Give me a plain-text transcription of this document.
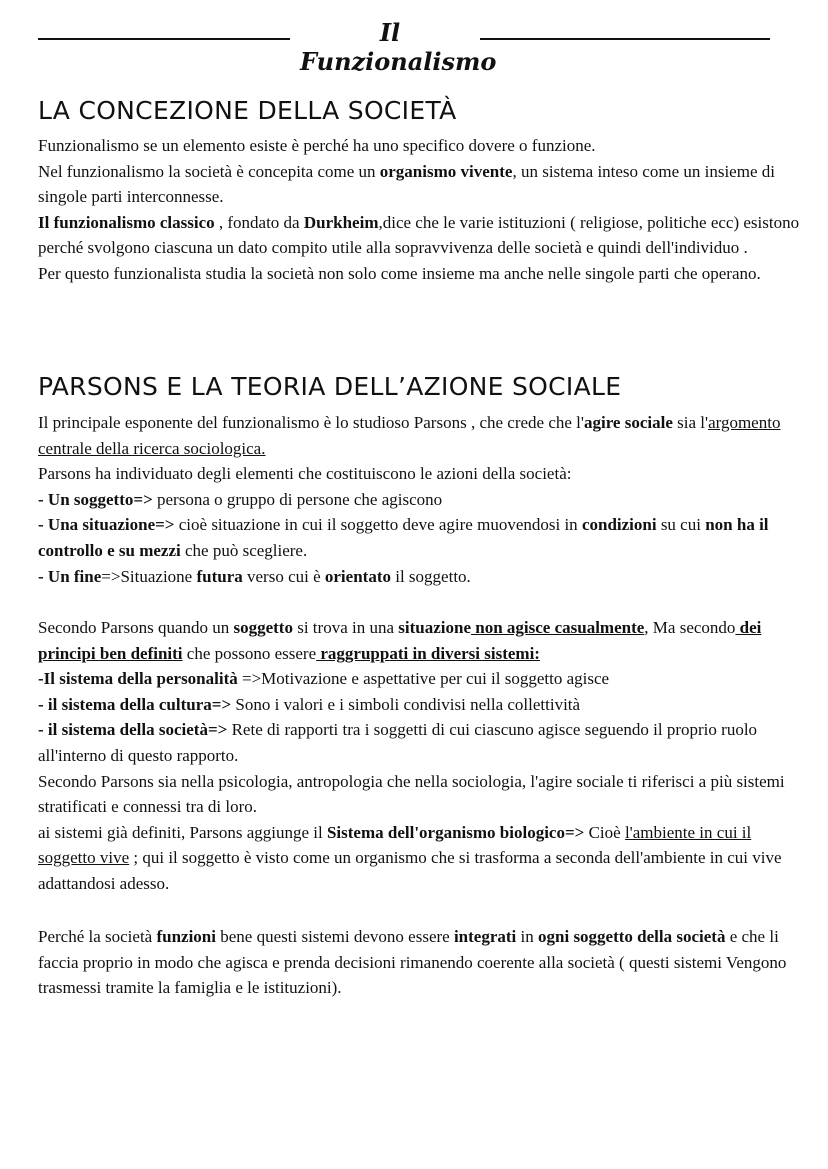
Il Funzionalismo
LA CONCEZIONE DELLA SOCIETÀ
Funzionalismo se un elemento esiste è perché ha uno specifico dovere o funzione.
Nel funzionalismo la società è concepita come un organismo vivente, un sistema inteso come un insieme di singole parti interconnesse.
Il funzionalismo classico , fondato da Durkheim,dice che le varie istituzioni ( religiose, politiche ecc) esistono perché svolgono ciascuna un dato compito utile alla sopravvivenza delle società e quindi dell'individuo .
Per questo funzionalista studia la società non solo come insieme ma anche nelle singole parti che operano.
PARSONS E LA TEORIA DELL’AZIONE SOCIALE
Il principale esponente del funzionalismo è lo studioso Parsons , che crede che l'agire sociale sia l'argomento centrale della ricerca sociologica.
Parsons ha individuato degli elementi che costituiscono le azioni della società:
- Un soggetto=> persona o gruppo di persone che agiscono
- Una situazione=> cioè situazione in cui il soggetto deve agire muovendosi in condizioni su cui non ha il controllo e su mezzi che può scegliere.
- Un fine=>Situazione futura verso cui è orientato il soggetto.
Secondo Parsons quando un soggetto si trova in una situazione non agisce casualmente, Ma secondo dei principi ben definiti che possono essere raggruppati in diversi sistemi:
-Il sistema della personalità =>Motivazione e aspettative per cui il soggetto agisce
- il sistema della cultura=> Sono i valori e i simboli condivisi nella collettività
- il sistema della società=> Rete di rapporti tra i soggetti di cui ciascuno agisce seguendo il proprio ruolo all'interno di questo rapporto.
Secondo Parsons sia nella psicologia, antropologia che nella sociologia, l'agire sociale ti riferisci a più sistemi stratificati e connessi tra di loro.
ai sistemi già definiti, Parsons aggiunge il Sistema dell'organismo biologico=> Cioè l'ambiente in cui il soggetto vive ; qui il soggetto è visto come un organismo che si trasforma a seconda dell'ambiente in cui vive adattandosi adesso.
Perché la società funzioni bene questi sistemi devono essere integrati in ogni soggetto della società e che li faccia proprio in modo che agisca e prenda decisioni rimanendo coerente alla società ( questi sistemi Vengono trasmessi tramite la famiglia e le istituzioni).
